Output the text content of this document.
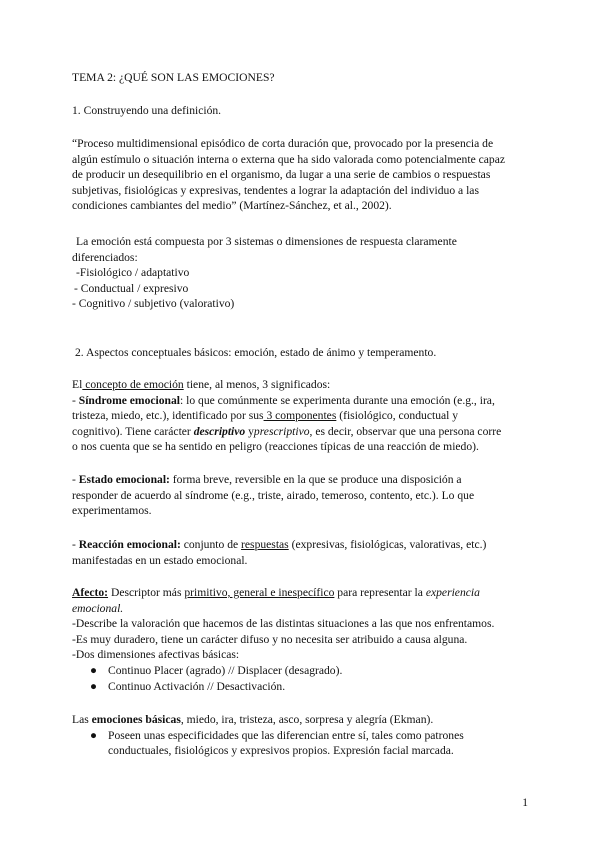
TEMA 2: ¿QUÉ SON LAS EMOCIONES?

1. Construyendo una definición.

“Proceso multidimensional episódico de corta duración que, provocado por la presencia de
algún estímulo o situación interna o externa que ha sido valorada como potencialmente capaz
de producir un desequilibrio en el organismo, da lugar a una serie de cambios o respuestas
subjetivas, fisiológicas y expresivas, tendentes a lograr la adaptación del individuo a las
condiciones cambiantes del medio” (Martínez-Sánchez, et al., 2002).
La emoción está compuesta por 3 sistemas o dimensiones de respuesta claramente
diferenciados:
-Fisiológico / adaptativo
- Conductual / expresivo
- Cognitivo / subjetivo (valorativo)

2. Aspectos conceptuales básicos: emoción, estado de ánimo y temperamento.

El concepto de emoción tiene, al menos, 3 significados:
- Síndrome emocional: lo que comúnmente se experimenta durante una emoción (e.g., ira,
tristeza, miedo, etc.), identificado por sus 3 componentes (fisiológico, conductual y
cognitivo). Tiene carácter descriptivo yprescriptivo, es decir, observar que una persona corre
o nos cuenta que se ha sentido en peligro (reacciones típicas de una reacción de miedo).
- Estado emocional: forma breve, reversible en la que se produce una disposición a
responder de acuerdo al síndrome (e.g., triste, airado, temeroso, contento, etc.). Lo que
experimentamos.
- Reacción emocional: conjunto de respuestas (expresivas, fisiológicas, valorativas, etc.)
manifestadas en un estado emocional.
Afecto: Descriptor más primitivo, general e inespecífico para representar la experiencia
emocional.
-Describe la valoración que hacemos de las distintas situaciones a las que nos enfrentamos.
-Es muy duradero, tiene un carácter difuso y no necesita ser atribuido a causa alguna.
-Dos dimensiones afectivas básicas:
● Continuo Placer (agrado) // Displacer (desagrado).
● Continuo Activación // Desactivación.
Las emociones básicas, miedo, ira, tristeza, asco, sorpresa y alegría (Ekman).
● Poseen unas especificidades que las diferencian entre sí, tales como patrones
conductuales, fisiológicos y expresivos propios. Expresión facial marcada.
1
